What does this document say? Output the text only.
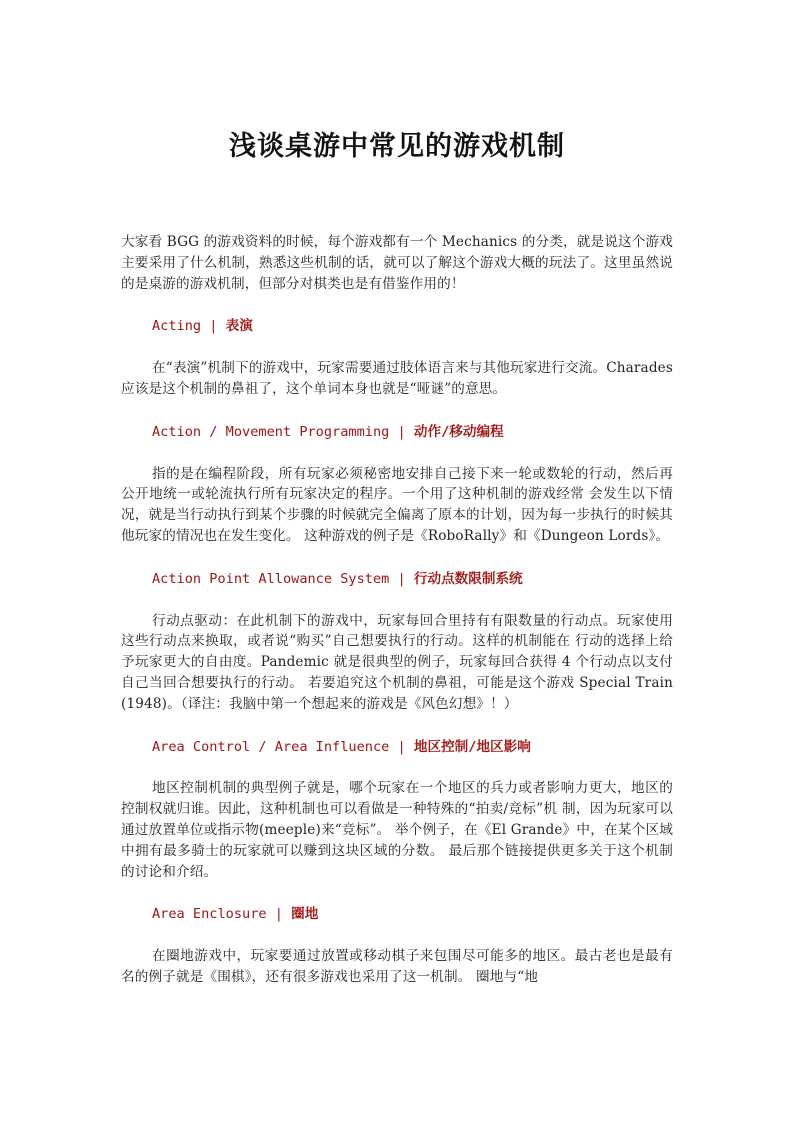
浅谈桌游中常见的游戏机制

大家看 BGG 的游戏资料的时候，每个游戏都有一个 Mechanics 的分类，就是说这个游戏主要采用了什么机制，熟悉这些机制的话，就可以了解这个游戏大概的玩法了。这里虽然说的是桌游的游戏机制，但部分对棋类也是有借鉴作用的！

Acting | 表演

在“表演”机制下的游戏中，玩家需要通过肢体语言来与其他玩家进行交流。Charades 应该是这个机制的鼻祖了，这个单词本身也就是“哑谜”的意思。

Action / Movement Programming | 动作/移动编程

指的是在编程阶段，所有玩家必须秘密地安排自己接下来一轮或数轮的行动，然后再公开地统一或轮流执行所有玩家决定的程序。一个用了这种机制的游戏经常 会发生以下情况，就是当行动执行到某个步骤的时候就完全偏离了原本的计划，因为每一步执行的时候其他玩家的情况也在发生变化。 这种游戏的例子是《RoboRally》和《Dungeon Lords》。

Action Point Allowance System | 行动点数限制系统

行动点驱动：在此机制下的游戏中，玩家每回合里持有有限数量的行动点。玩家使用这些行动点来换取，或者说“购买”自己想要执行的行动。这样的机制能在 行动的选择上给予玩家更大的自由度。Pandemic 就是很典型的例子，玩家每回合获得 4 个行动点以支付自己当回合想要执行的行动。 若要追究这个机制的鼻祖，可能是这个游戏 Special Train (1948)。（译注：我脑中第一个想起来的游戏是《风色幻想》！）

Area Control / Area Influence | 地区控制/地区影响

地区控制机制的典型例子就是，哪个玩家在一个地区的兵力或者影响力更大，地区的控制权就归谁。因此，这种机制也可以看做是一种特殊的“拍卖/竞标”机 制，因为玩家可以通过放置单位或指示物(meeple)来“竞标”。 举个例子，在《El Grande》中，在某个区域中拥有最多骑士的玩家就可以赚到这块区域的分数。 最后那个链接提供更多关于这个机制的讨论和介绍。

Area Enclosure | 圈地

在圈地游戏中，玩家要通过放置或移动棋子来包围尽可能多的地区。最古老也是最有名的例子就是《围棋》，还有很多游戏也采用了这一机制。 圈地与“地
